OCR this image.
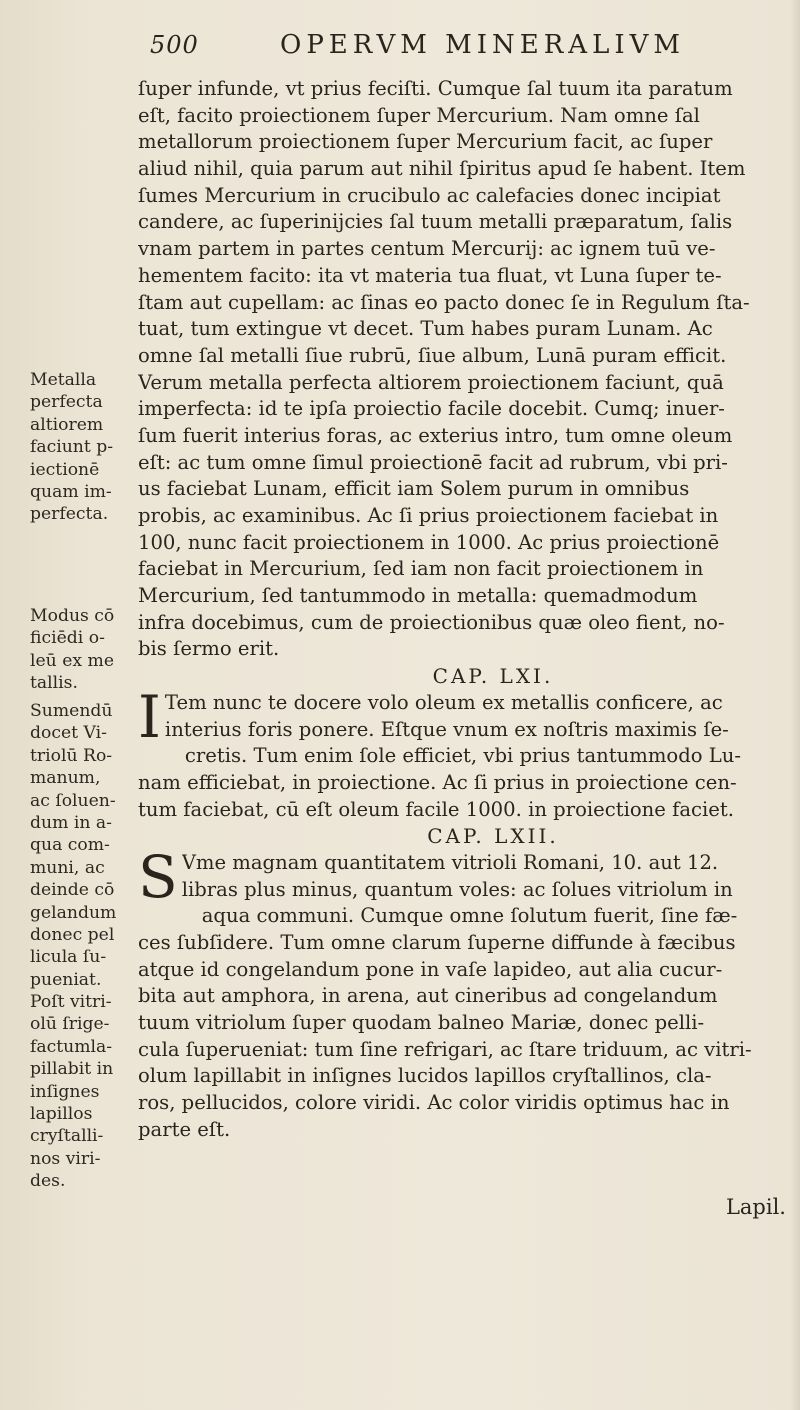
500	OPERVM MINERALIVM
Metalla
perfecta
altiorem
faciunt p-
iectionē
quam im-
perfecta.
Modus cō
ficiēdi o-
leū ex me
tallis.
Sumendū
docet Vi-
triolū Ro-
manum,
ac ſoluen-
dum in a-
qua com-
muni, ac
deinde cō
gelandum
donec pel
licula ſu-
pueniat.
Poſt vitri-
olū ſrige-
factumla-
pillabit in
inſignes
lapillos
cryſtalli-
nos viri-
des.
ſuper infunde, vt prius feciſti. Cumque ſal tuum ita paratum
eſt, facito proiectionem ſuper Mercurium. Nam omne ſal
metallorum proiectionem ſuper Mercurium facit, ac ſuper
aliud nihil, quia parum aut nihil ſpiritus apud ſe habent. Item
ſumes Mercurium in crucibulo ac calefacies donec incipiat
candere, ac ſuperinijcies ſal tuum metalli præparatum, ſalis
vnam partem in partes centum Mercurij: ac ignem tuū ve-
hementem facito: ita vt materia tua fluat, vt Luna ſuper te-
ſtam aut cupellam: ac ſinas eo pacto donec ſe in Regulum ſta-
tuat, tum extingue vt decet. Tum habes puram Lunam. Ac
omne ſal metalli ſiue rubrū, ſiue album, Lunā puram efficit.
Verum metalla perfecta altiorem proiectionem faciunt, quā
imperfecta: id te ipſa proiectio facile docebit. Cumq; inuer-
ſum fuerit interius foras, ac exterius intro, tum omne oleum
eſt: ac tum omne ſimul proiectionē facit ad rubrum, vbi pri-
us faciebat Lunam, efficit iam Solem purum in omnibus
probis, ac examinibus. Ac ſi prius proiectionem faciebat in
100, nunc facit proiectionem in 1000. Ac prius proiectionē
faciebat in Mercurium, ſed iam non facit proiectionem in
Mercurium, ſed tantummodo in metalla: quemadmodum
infra docebimus, cum de proiectionibus quæ oleo fient, no-
bis ſermo erit.
CAP. LXI.
I Tem nunc te docere volo oleum ex metallis conficere, ac
interius foris ponere. Eſtque vnum ex noſtris maximis ſe-
cretis. Tum enim ſole efficiet, vbi prius tantummodo Lu-
nam efficiebat, in proiectione. Ac ſi prius in proiectione cen-
tum faciebat, cū eſt oleum facile 1000. in proiectione faciet.
CAP. LXII.
S Vme magnam quantitatem vitrioli Romani, 10. aut 12.
libras plus minus, quantum voles: ac ſolues vitriolum in
aqua communi. Cumque omne ſolutum fuerit, ſine fæ-
ces ſubſidere. Tum omne clarum ſuperne diffunde à fæcibus
atque id congelandum pone in vaſe lapideo, aut alia cucur-
bita aut amphora, in arena, aut cineribus ad congelandum
tuum vitriolum ſuper quodam balneo Mariæ, donec pelli-
cula ſuperueniat: tum ſine refrigari, ac ſtare triduum, ac vitri-
olum lapillabit in inſignes lucidos lapillos cryſtallinos, cla-
ros, pellucidos, colore viridi. Ac color viridis optimus hac in
parte eſt.
Lapil.
